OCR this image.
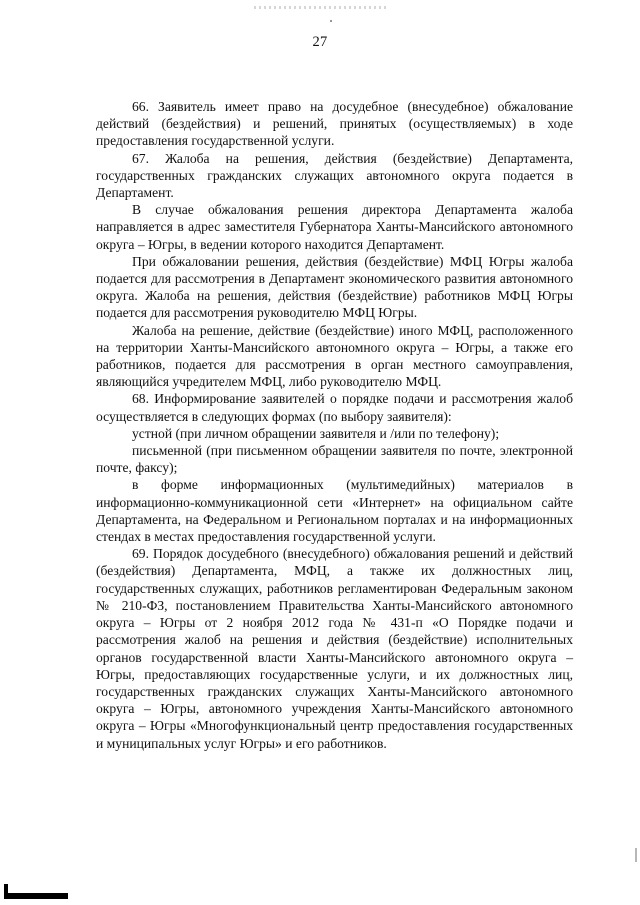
27

66. Заявитель имеет право на досудебное (внесудебное) обжалование действий (бездействия) и решений, принятых (осуществляемых) в ходе предоставления государственной услуги.

67. Жалоба на решения, действия (бездействие) Департамента, государственных гражданских служащих автономного округа подается в Департамент.

В случае обжалования решения директора Департамента жалоба направляется в адрес заместителя Губернатора Ханты-Мансийского автономного округа – Югры, в ведении которого находится Департамент.

При обжаловании решения, действия (бездействие) МФЦ Югры жалоба подается для рассмотрения в Департамент экономического развития автономного округа. Жалоба на решения, действия (бездействие) работников МФЦ Югры подается для рассмотрения руководителю МФЦ Югры.

Жалоба на решение, действие (бездействие) иного МФЦ, расположенного на территории Ханты-Мансийского автономного округа – Югры, а также его работников, подается для рассмотрения в орган местного самоуправления, являющийся учредителем МФЦ, либо руководителю МФЦ.

68. Информирование заявителей о порядке подачи и рассмотрения жалоб осуществляется в следующих формах (по выбору заявителя):

устной (при личном обращении заявителя и /или по телефону);

письменной (при письменном обращении заявителя по почте, электронной почте, факсу);

в форме информационных (мультимедийных) материалов в информационно-коммуникационной сети «Интернет» на официальном сайте Департамента, на Федеральном и Региональном порталах и на информационных стендах в местах предоставления государственной услуги.

69. Порядок досудебного (внесудебного) обжалования решений и действий (бездействия) Департамента, МФЦ, а также их должностных лиц, государственных служащих, работников регламентирован Федеральным законом № 210-ФЗ, постановлением Правительства Ханты-Мансийского автономного округа – Югры от 2 ноября 2012 года № 431-п «О Порядке подачи и рассмотрения жалоб на решения и действия (бездействие) исполнительных органов государственной власти Ханты-Мансийского автономного округа – Югры, предоставляющих государственные услуги, и их должностных лиц, государственных гражданских служащих Ханты-Мансийского автономного округа – Югры, автономного учреждения Ханты-Мансийского автономного округа – Югры «Многофункциональный центр предоставления государственных и муниципальных услуг Югры» и его работников.
